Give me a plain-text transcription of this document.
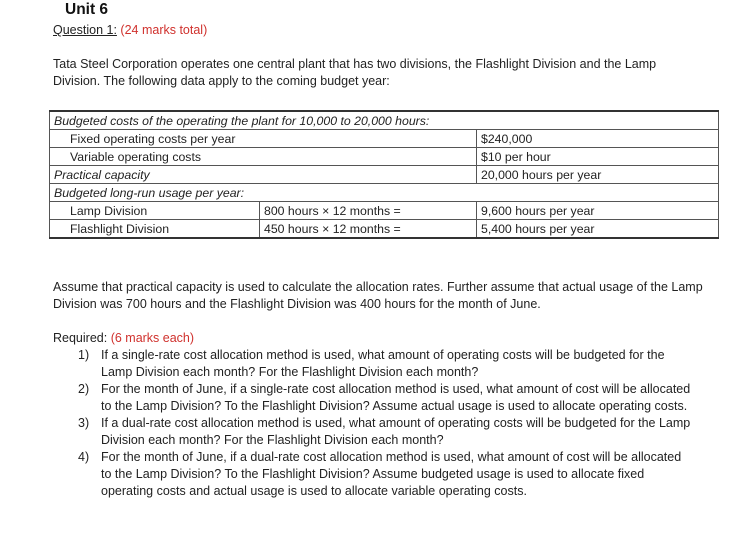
Unit 6
Question 1: (24 marks total)
Tata Steel Corporation operates one central plant that has two divisions, the Flashlight Division and the Lamp Division. The following data apply to the coming budget year:
Budgeted costs of the operating the plant for 10,000 to 20,000 hours:		
Fixed operating costs per year		$240,000
Variable operating costs		$10 per hour
Practical capacity		20,000 hours per year
Budgeted long-run usage per year:		
Lamp Division	800 hours × 12 months =	9,600 hours per year
Flashlight Division	450 hours × 12 months =	5,400 hours per year
Assume that practical capacity is used to calculate the allocation rates. Further assume that actual usage of the Lamp Division was 700 hours and the Flashlight Division was 400 hours for the month of June.
Required: (6 marks each)
1) If a single-rate cost allocation method is used, what amount of operating costs will be budgeted for the Lamp Division each month? For the Flashlight Division each month?
2) For the month of June, if a single-rate cost allocation method is used, what amount of cost will be allocated to the Lamp Division? To the Flashlight Division? Assume actual usage is used to allocate operating costs.
3) If a dual-rate cost allocation method is used, what amount of operating costs will be budgeted for the Lamp Division each month? For the Flashlight Division each month?
4) For the month of June, if a dual-rate cost allocation method is used, what amount of cost will be allocated to the Lamp Division? To the Flashlight Division? Assume budgeted usage is used to allocate fixed operating costs and actual usage is used to allocate variable operating costs.
